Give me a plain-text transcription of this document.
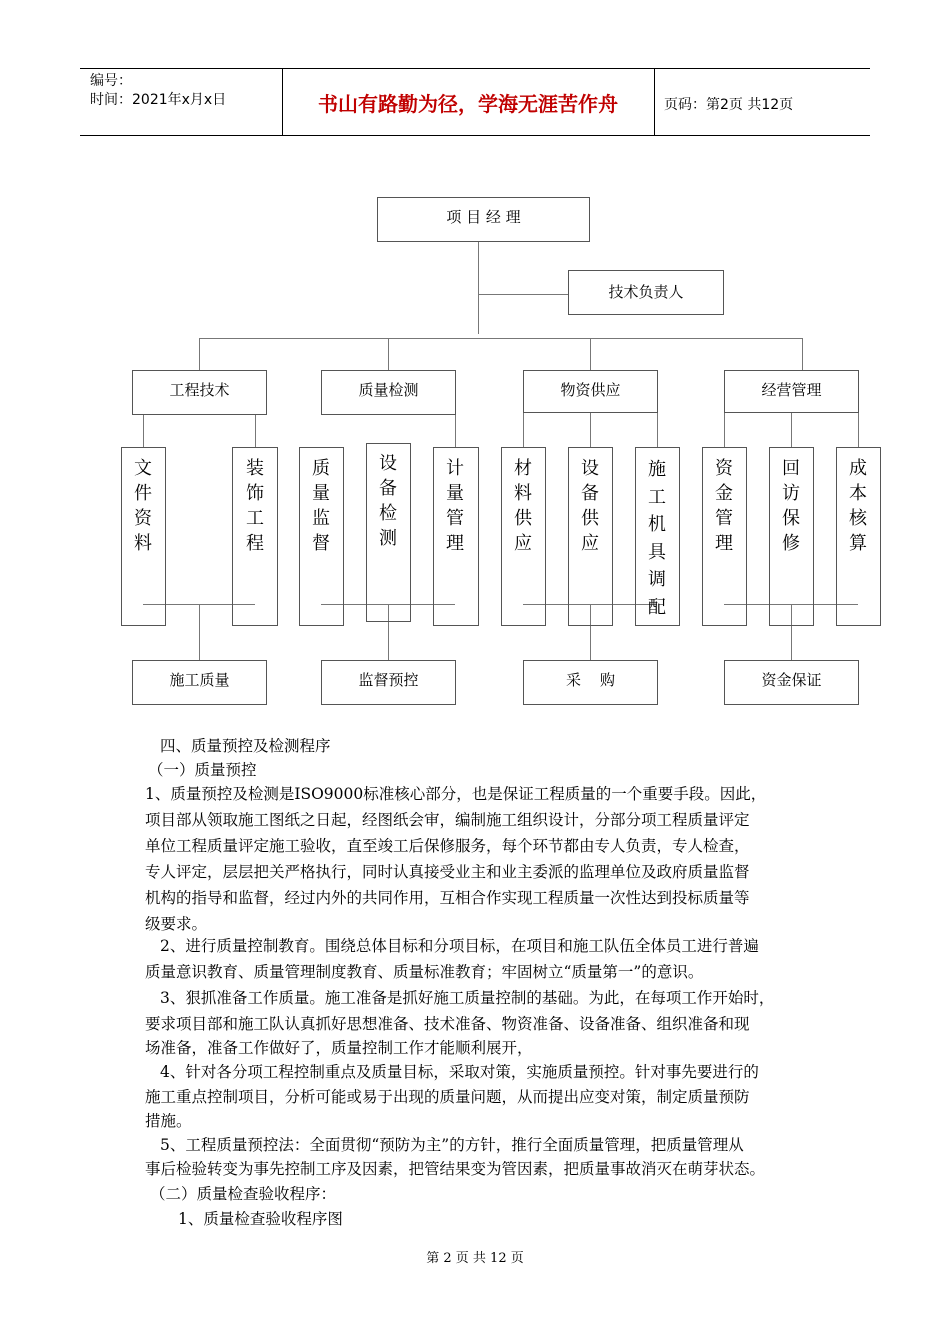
编号：
时间：2021年x月x日	书山有路勤为径，学海无涯苦作舟	页码：第2页 共12页
项 目 经 理
技术负责人
工程技术	质量检测	物资供应	经营管理
文件资料
装饰工程
质量监督
设备检测
计量管理
材料供应
设备供应
施工机具调配
资金管理
回访保修
成本核算
施工质量	监督预控	采    购	资金保证
四、质量预控及检测程序
（一）质量预控
1、质量预控及检测是ISO9000标准核心部分，也是保证工程质量的一个重要手段。因此，
项目部从领取施工图纸之日起，经图纸会审，编制施工组织设计，分部分项工程质量评定
单位工程质量评定施工验收，直至竣工后保修服务，每个环节都由专人负责，专人检查，
专人评定，层层把关严格执行，同时认真接受业主和业主委派的监理单位及政府质量监督
机构的指导和监督，经过内外的共同作用，互相合作实现工程质量一次性达到投标质量等
级要求。
2、进行质量控制教育。围绕总体目标和分项目标，在项目和施工队伍全体员工进行普遍
质量意识教育、质量管理制度教育、质量标准教育；牢固树立“质量第一”的意识。
3、狠抓准备工作质量。施工准备是抓好施工质量控制的基础。为此，在每项工作开始时，
要求项目部和施工队认真抓好思想准备、技术准备、物资准备、设备准备、组织准备和现
场准备，准备工作做好了，质量控制工作才能顺利展开，
4、针对各分项工程控制重点及质量目标，采取对策，实施质量预控。针对事先要进行的
施工重点控制项目，分析可能或易于出现的质量问题，从而提出应变对策，制定质量预防
措施。
5、工程质量预控法：全面贯彻“预防为主”的方针，推行全面质量管理，把质量管理从
事后检验转变为事先控制工序及因素，把管结果变为管因素，把质量事故消灭在萌芽状态。
（二）质量检查验收程序：
1、质量检查验收程序图
第 2 页 共 12 页
